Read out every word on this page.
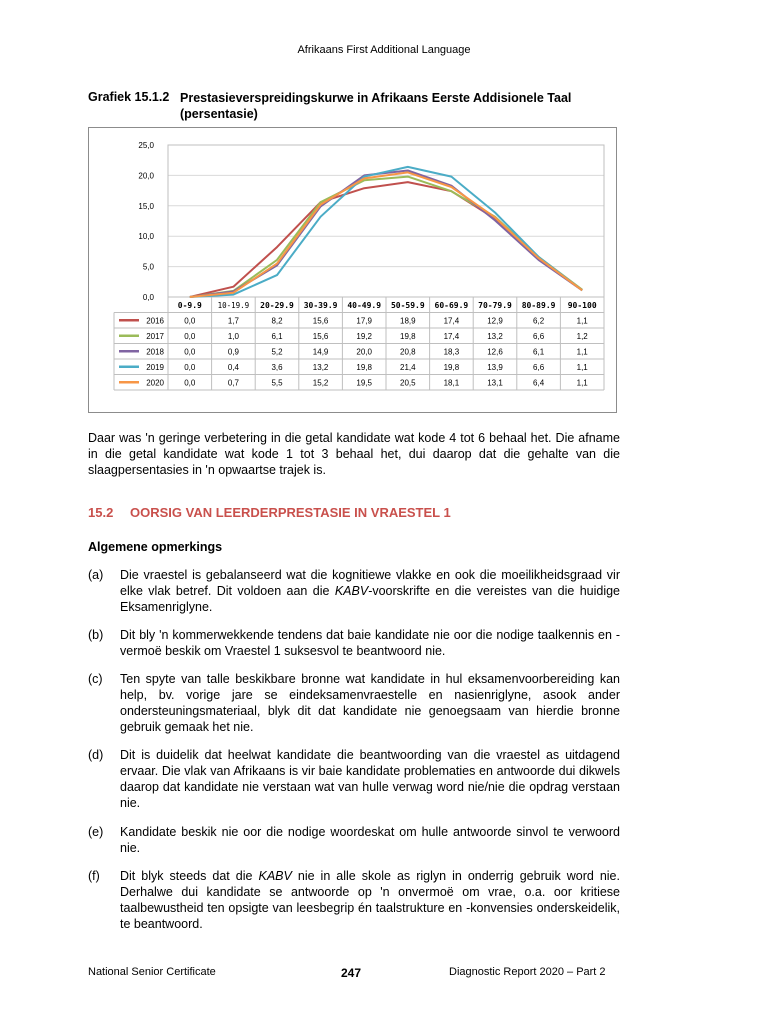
Afrikaans First Additional Language
Grafiek 15.1.2 Prestasieverspreidingskurwe in Afrikaans Eerste Addisionele Taal (persentasie)
25,0
20,0
15,0
10,0
5,0
0,0
0-9.9 10-19.9 20-29.9 30-39.9 40-49.9 50-59.9 60-69.9 70-79.9 80-89.9 90-100
2016	0,0	1,7	8,2	15,6	17,9	18,9	17,4	12,9	6,2	1,1
2017	0,0	1,0	6,1	15,6	19,2	19,8	17,4	13,2	6,6	1,2
2018	0,0	0,9	5,2	14,9	20,0	20,8	18,3	12,6	6,1	1,1
2019	0,0	0,4	3,6	13,2	19,8	21,4	19,8	13,9	6,6	1,1
2020	0,0	0,7	5,5	15,2	19,5	20,5	18,1	13,1	6,4	1,1
Daar was 'n geringe verbetering in die getal kandidate wat kode 4 tot 6 behaal het. Die afname in die getal kandidate wat kode 1 tot 3 behaal het, dui daarop dat die gehalte van die slaagpersentasies in 'n opwaartse trajek is.
15.2 OORSIG VAN LEERDERPRESTASIE IN VRAESTEL 1
Algemene opmerkings
(a) Die vraestel is gebalanseerd wat die kognitiewe vlakke en ook die moeilikheidsgraad vir elke vlak betref. Dit voldoen aan die KABV-voorskrifte en die vereistes van die huidige Eksamenriglyne.
(b) Dit bly 'n kommerwekkende tendens dat baie kandidate nie oor die nodige taalkennis en -vermoë beskik om Vraestel 1 suksesvol te beantwoord nie.
(c) Ten spyte van talle beskikbare bronne wat kandidate in hul eksamenvoorbereiding kan help, bv. vorige jare se eindeksamenvraestelle en nasienriglyne, asook ander ondersteuningsmateriaal, blyk dit dat kandidate nie genoegsaam van hierdie bronne gebruik gemaak het nie.
(d) Dit is duidelik dat heelwat kandidate die beantwoording van die vraestel as uitdagend ervaar. Die vlak van Afrikaans is vir baie kandidate problematies en antwoorde dui dikwels daarop dat kandidate nie verstaan wat van hulle verwag word nie/nie die opdrag verstaan nie.
(e) Kandidate beskik nie oor die nodige woordeskat om hulle antwoorde sinvol te verwoord nie.
(f) Dit blyk steeds dat die KABV nie in alle skole as riglyn in onderrig gebruik word nie. Derhalwe dui kandidate se antwoorde op 'n onvermoë om vrae, o.a. oor kritiese taalbewustheid ten opsigte van leesbegrip én taalstrukture en -konvensies onderskeidelik, te beantwoord.
National Senior Certificate	247	Diagnostic Report 2020 – Part 2
